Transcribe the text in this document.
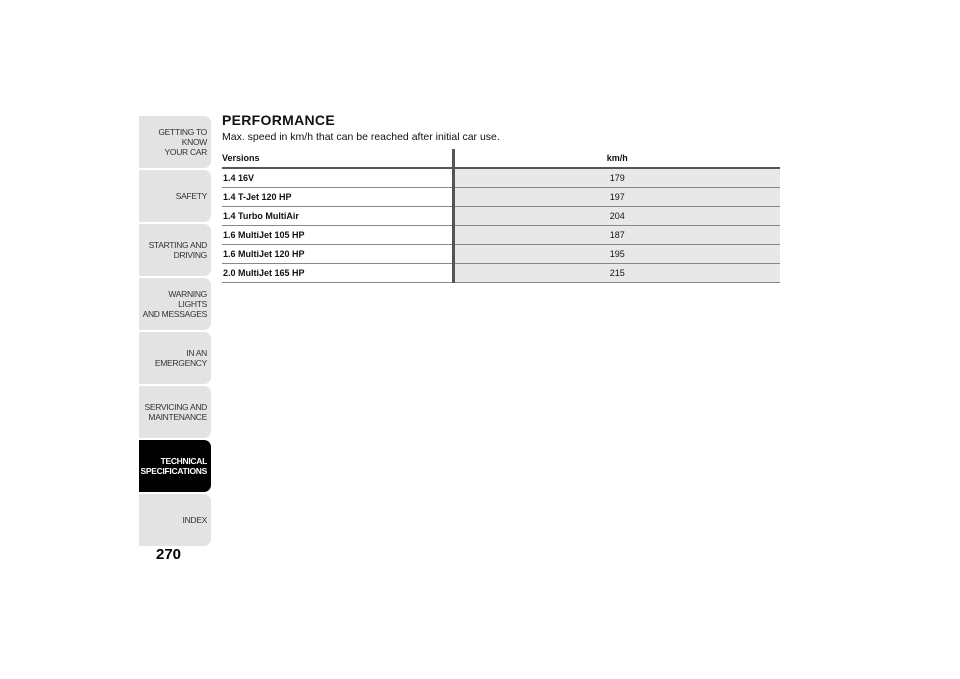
GETTING TO KNOW
YOUR CAR
SAFETY
STARTING AND
DRIVING
WARNING LIGHTS
AND MESSAGES
IN AN EMERGENCY
SERVICING AND
MAINTENANCE
TECHNICAL
SPECIFICATIONS
INDEX
270
PERFORMANCE

Max. speed in km/h that can be reached after initial car use.

Versions	km/h
1.4 16V	179
1.4 T-Jet 120 HP	197
1.4 Turbo MultiAir	204
1.6 MultiJet 105 HP	187
1.6 MultiJet 120 HP	195
2.0 MultiJet 165 HP	215
